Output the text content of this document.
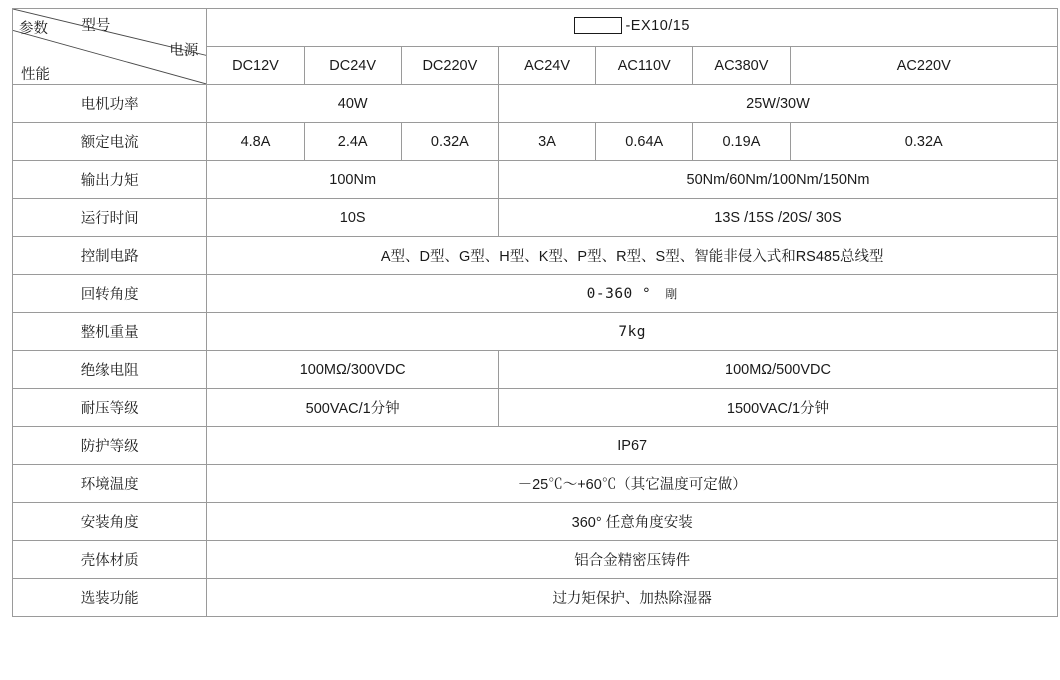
型号
电源
性能
参数	-EX10/15						

	DC12V	DC24V	DC220V	AC24V	AC110V	AC380V	AC220V
电机功率	40W			25W/30W			
额定电流	4.8A	2.4A	0.32A	3A	0.64A	0.19A	0.32A
输出力矩	100Nm			50Nm/60Nm/100Nm/150Nm			
运行时间	10S			13S /15S /20S/ 30S			
控制电路	A型、D型、G型、H型、K型、P型、R型、S型、智能非侵入式和RS485总线型						
回转角度	0-360 ° 㓮						
整机重量	7kg						
绝缘电阻	100MΩ/300VDC			100MΩ/500VDC			
耐压等级	500VAC/1分钟			1500VAC/1分钟			
防护等级	IP67						
环境温度	－25℃～+60℃（其它温度可定做）						
安装角度	360° 任意角度安装						
壳体材质	铝合金精密压铸件						
选装功能	过力矩保护、加热除湿器						
